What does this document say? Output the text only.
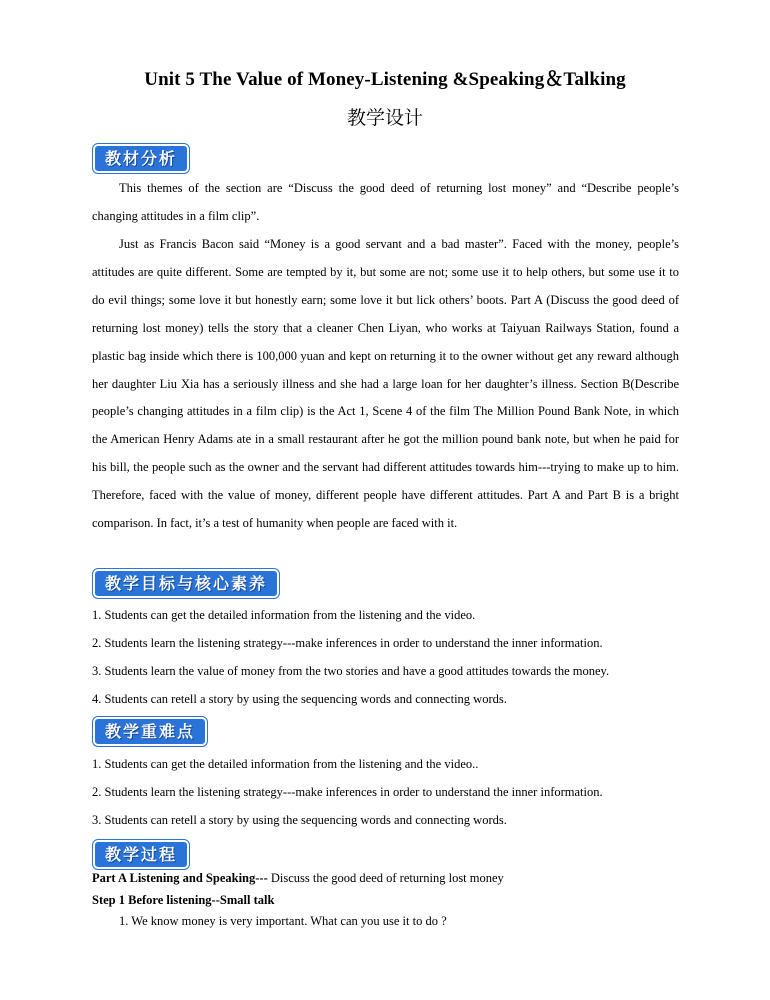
Unit 5 The Value of Money-Listening &Speaking＆Talking
教学设计
教材分析

This themes of the section are “Discuss the good deed of returning lost money” and “Describe people’s changing attitudes in a film clip”.

Just as Francis Bacon said “Money is a good servant and a bad master”. Faced with the money, people’s attitudes are quite different. Some are tempted by it, but some are not; some use it to help others, but some use it to do evil things; some love it but honestly earn; some love it but lick others’ boots. Part A (Discuss the good deed of returning lost money) tells the story that a cleaner Chen Liyan, who works at Taiyuan Railways Station, found a plastic bag inside which there is 100,000 yuan and kept on returning it to the owner without get any reward although her daughter Liu Xia has a seriously illness and she had a large loan for her daughter’s illness. Section B(Describe people’s changing attitudes in a film clip) is the Act 1, Scene 4 of the film The Million Pound Bank Note, in which the American Henry Adams ate in a small restaurant after he got the million pound bank note, but when he paid for his bill, the people such as the owner and the servant had different attitudes towards him---trying to make up to him. Therefore, faced with the value of money, different people have different attitudes. Part A and Part B is a bright comparison. In fact, it’s a test of humanity when people are faced with it.

教学目标与核心素养

1. Students can get the detailed information from the listening and the video.

2. Students learn the listening strategy---make inferences in order to understand the inner information.

3. Students learn the value of money from the two stories and have a good attitudes towards the money.

4. Students can retell a story by using the sequencing words and connecting words.

教学重难点

1. Students can get the detailed information from the listening and the video..

2. Students learn the listening strategy---make inferences in order to understand the inner information.

3. Students can retell a story by using the sequencing words and connecting words.

教学过程

Part A Listening and Speaking--- Discuss the good deed of returning lost money

Step 1 Before listening--Small talk

1. We know money is very important. What can you use it to do ?
